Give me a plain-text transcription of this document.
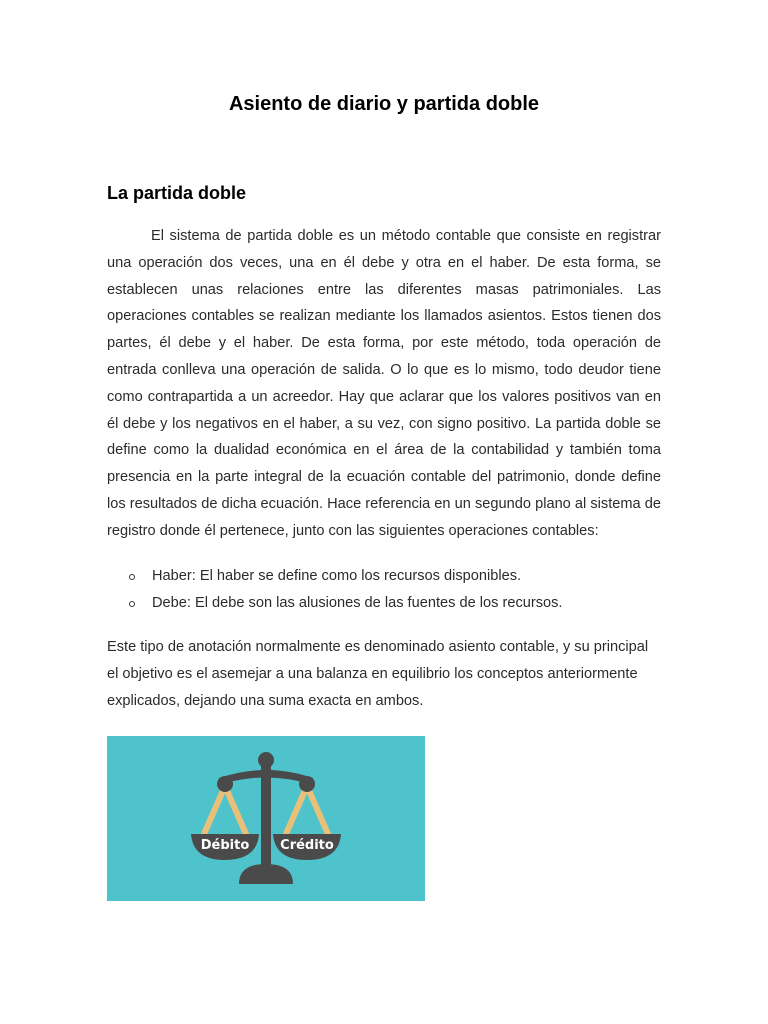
Asiento de diario y partida doble
La partida doble

El sistema de partida doble es un método contable que consiste en registrar una operación dos veces, una en él debe y otra en el haber. De esta forma, se establecen unas relaciones entre las diferentes masas patrimoniales. Las operaciones contables se realizan mediante los llamados asientos. Estos tienen dos partes, él debe y el haber. De esta forma, por este método, toda operación de entrada conlleva una operación de salida. O lo que es lo mismo, todo deudor tiene como contrapartida a un acreedor. Hay que aclarar que los valores positivos van en él debe y los negativos en el haber, a su vez, con signo positivo. La partida doble se define como la dualidad económica en el área de la contabilidad y también toma presencia en la parte integral de la ecuación contable del patrimonio, donde define los resultados de dicha ecuación. Hace referencia en un segundo plano al sistema de registro donde él pertenece, junto con las siguientes operaciones contables:

Haber: El haber se define como los recursos disponibles.
Debe: El debe son las alusiones de las fuentes de los recursos.

Este tipo de anotación normalmente es denominado asiento contable, y su principal el objetivo es el asemejar a una balanza en equilibrio los conceptos anteriormente explicados, dejando una suma exacta en ambos.

Débito Crédito
